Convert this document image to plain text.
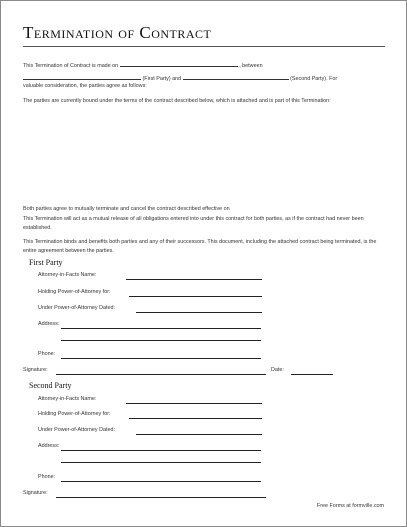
Termination of Contract
This Termination of Contract is made on	, between
(First Party) and	(Second Party). For
valuable consideration, the parties agree as follows:
The parties are currently bound under the terms of the contract described below, which is attached and is part of this Termination:
Both parties agree to mutually terminate and cancel the contract described effective on
This Termination will act as a mutual release of all obligations entered into under this contract for both parties, as if the contract had never been established.
This Termination binds and benefits both parties and any of their successors. This document, including the attached contract being terminated, is the entire agreement between the parties.
First Party
Attorney-in-Facts Name:
Holding Power-of-Attorney for:
Under Power-of-Attorney Dated:
Address:
Phone:
Signature:	Date:
Second Party
Attorney-in-Facts Name:
Holding Power-of-Attorney for:
Under Power-of-Attorney Dated:
Address:
Phone:
Signature:
Free Forms at formville.com
